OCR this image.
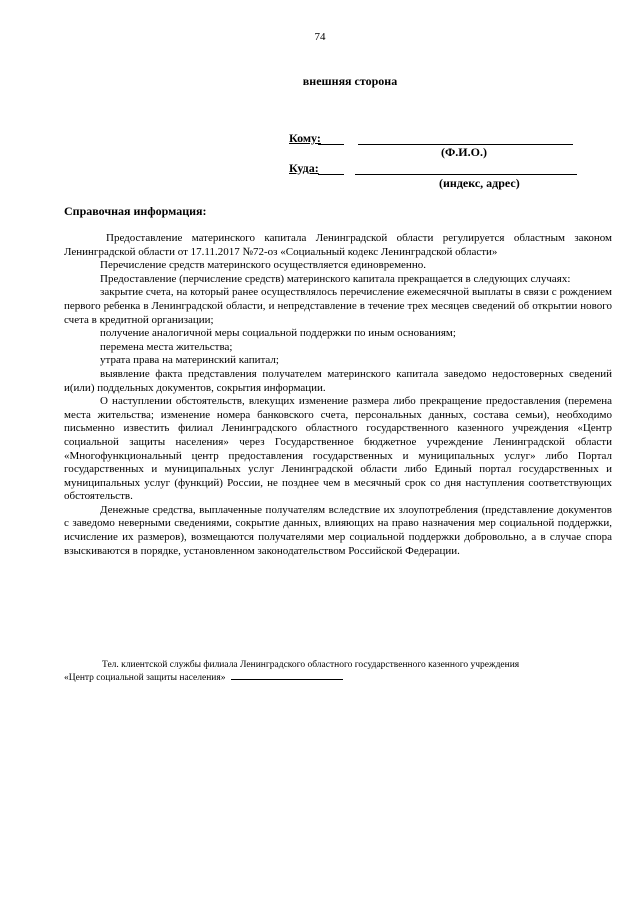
74
внешняя сторона
Кому:
(Ф.И.О.)
Куда:
(индекс, адрес)
Справочная информация:

Предоставление материнского капитала Ленинградской области регулируется областным законом Ленинградской области от 17.11.2017 №72-оз «Социальный кодекс Ленинградской области»

Перечисление средств материнского осуществляется единовременно.

Предоставление (перчисление средств) материнского капитала прекращается в следующих случаях:

закрытие счета, на который ранее осуществлялось перечисление ежемесячной выплаты в связи с рождением первого ребенка в Ленинградской области, и непредставление в течение трех месяцев сведений об открытии нового счета в кредитной организации;

получение аналогичной меры социальной поддержки по иным основаниям;

перемена места жительства;

утрата права на материнский капитал;

выявление факта представления получателем материнского капитала заведомо недостоверных сведений и(или) поддельных документов, сокрытия информации.

О наступлении обстоятельств, влекущих изменение размера либо прекращение предоставления (перемена места жительства; изменение номера банковского счета, персональных данных, состава семьи), необходимо письменно известить филиал Ленинградского областного государственного казенного учреждения «Центр социальной защиты населения» через Государственное бюджетное учреждение Ленинградской области «Многофункциональный центр предоставления государственных и муниципальных услуг» либо Портал государственных и муниципальных услуг Ленинградской области либо Единый портал государственных и муниципальных услуг (функций) России, не позднее чем в месячный срок со дня наступления соответствующих обстоятельств.

Денежные средства, выплаченные получателям вследствие их злоупотребления (представление документов с заведомо неверными сведениями, сокрытие данных, влияющих на право назначения мер социальной поддержки, исчисление их размеров), возмещаются получателями мер социальной поддержки добровольно, а в случае спора взыскиваются в порядке, установленном законодательством Российской Федерации.

Тел. клиентской службы филиала Ленинградского областного государственного казенного учреждения
«Центр социальной защиты населения»
